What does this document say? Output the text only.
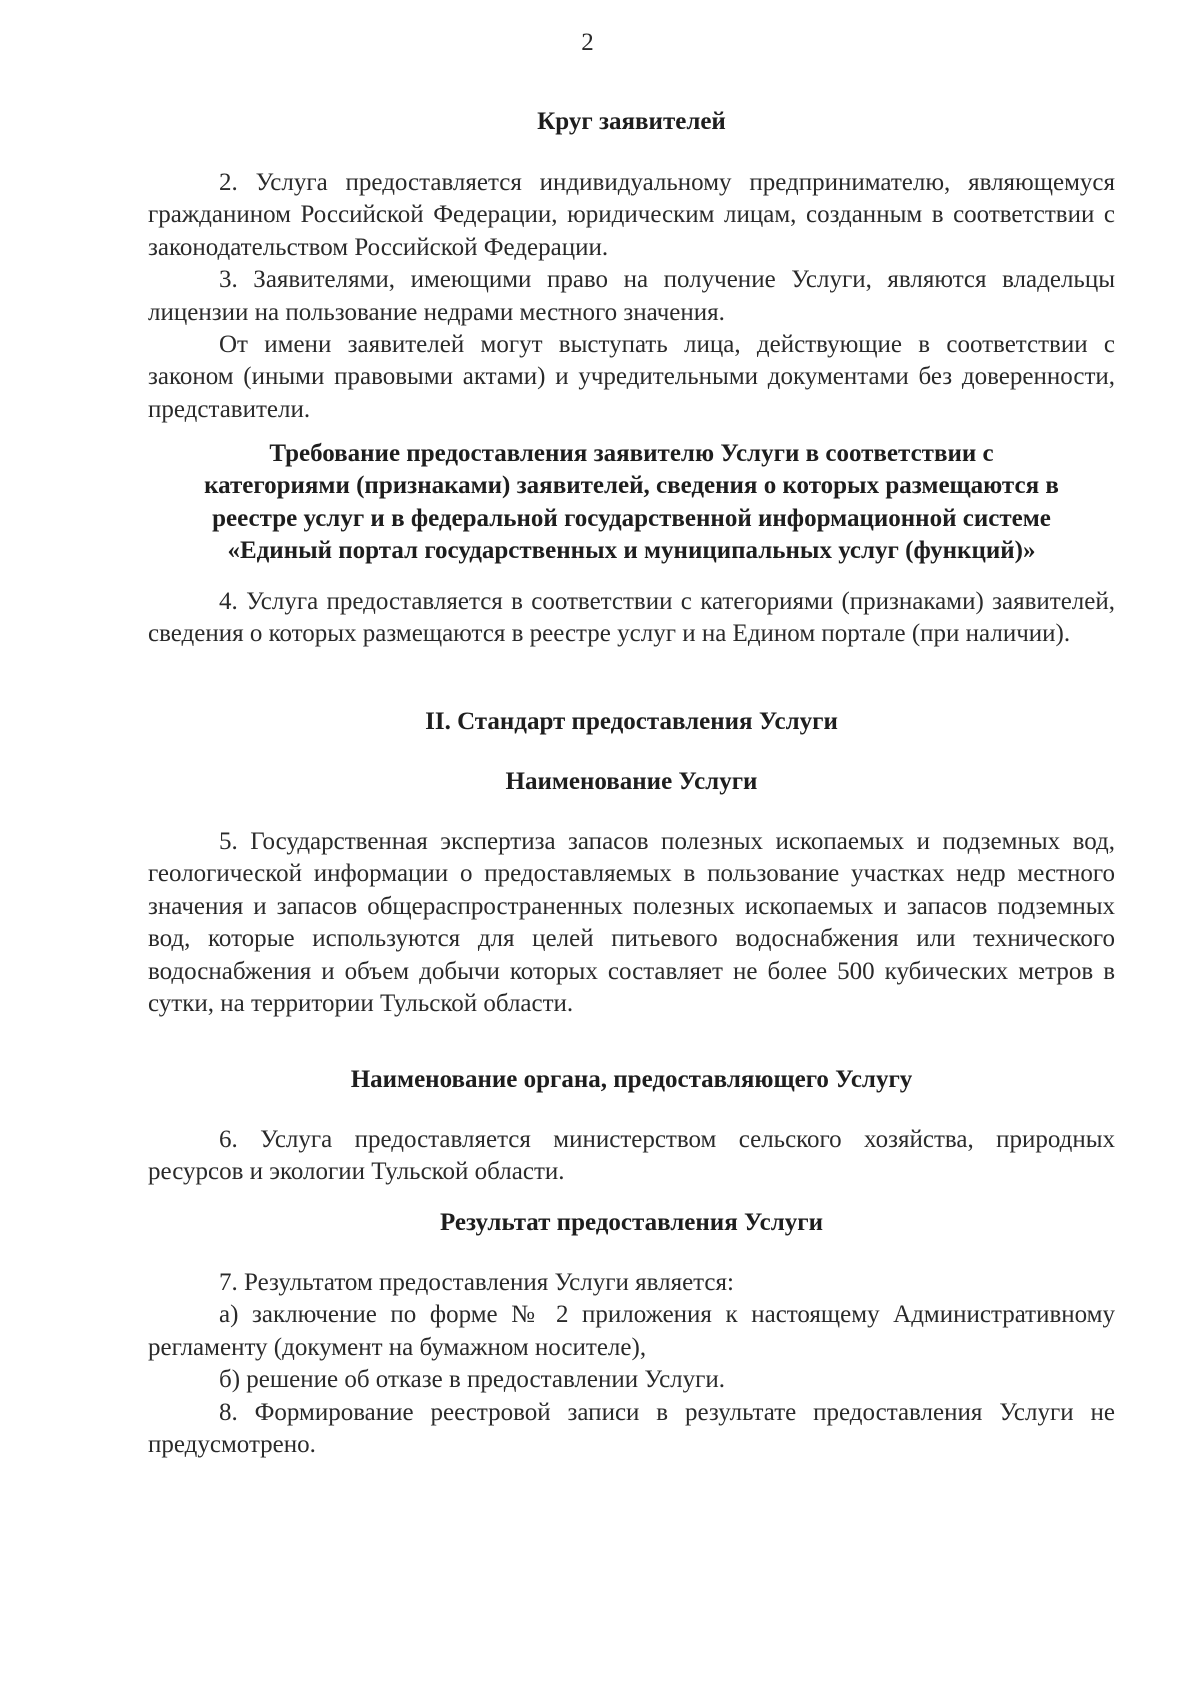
2
Круг заявителей

2. Услуга предоставляется индивидуальному предпринимателю, являющемуся гражданином Российской Федерации, юридическим лицам, созданным в соответствии с законодательством Российской Федерации.

3. Заявителями, имеющими право на получение Услуги, являются владельцы лицензии на пользование недрами местного значения.

От имени заявителей могут выступать лица, действующие в соответствии с законом (иными правовыми актами) и учредительными документами без доверенности, представители.

Требование предоставления заявителю Услуги в соответствии с
категориями (признаками) заявителей, сведения о которых размещаются в
реестре услуг и в федеральной государственной информационной системе
«Единый портал государственных и муниципальных услуг (функций)»

4. Услуга предоставляется в соответствии с категориями (признаками) заявителей, сведения о которых размещаются в реестре услуг и на Едином портале (при наличии).

II. Стандарт предоставления Услуги
Наименование Услуги

5. Государственная экспертиза запасов полезных ископаемых и подземных вод, геологической информации о предоставляемых в пользование участках недр местного значения и запасов общераспространенных полезных ископаемых и запасов подземных вод, которые используются для целей питьевого водоснабжения или технического водоснабжения и объем добычи которых составляет не более 500 кубических метров в сутки, на территории Тульской области.

Наименование органа, предоставляющего Услугу

6. Услуга предоставляется министерством сельского хозяйства, природных ресурсов и экологии Тульской области.

Результат предоставления Услуги

7. Результатом предоставления Услуги является:

а) заключение по форме № 2 приложения к настоящему Административному регламенту (документ на бумажном носителе),

б) решение об отказе в предоставлении Услуги.

8. Формирование реестровой записи в результате предоставления Услуги не предусмотрено.
